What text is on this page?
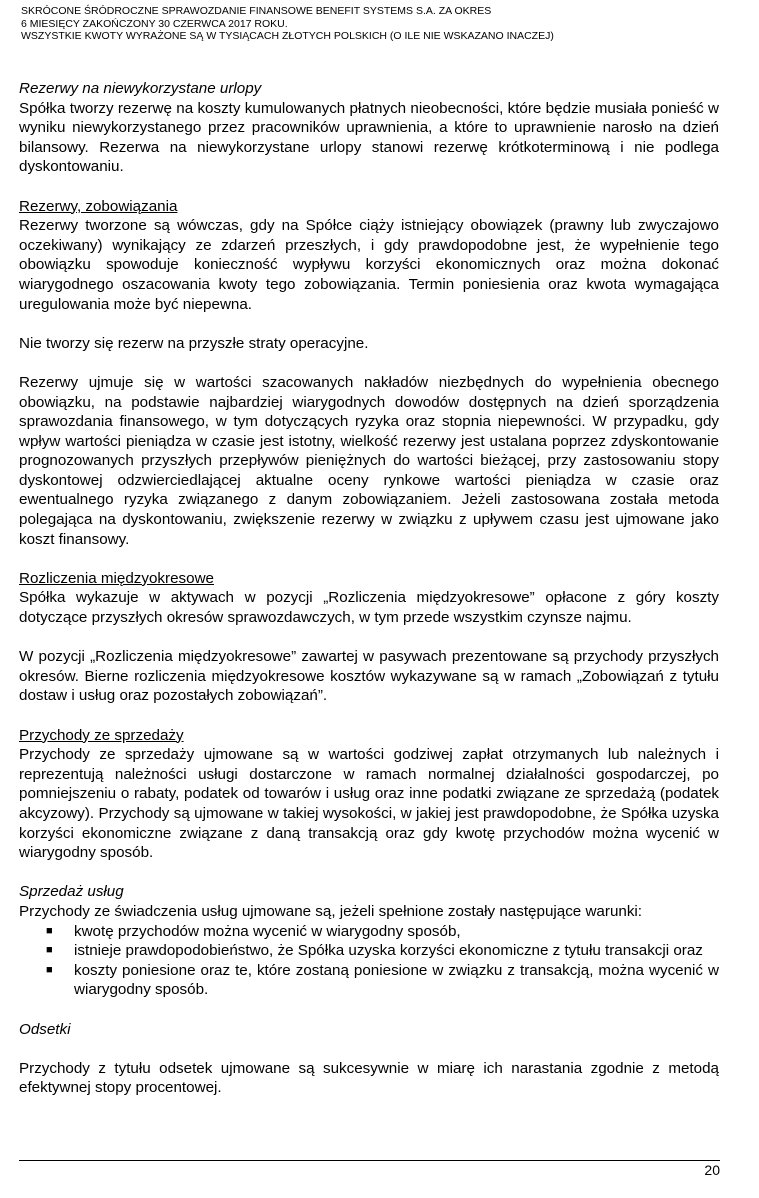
SKRÓCONE ŚRÓDROCZNE SPRAWOZDANIE FINANSOWE BENEFIT SYSTEMS S.A. ZA OKRES
6 MIESIĘCY ZAKOŃCZONY 30 CZERWCA 2017 ROKU.
WSZYSTKIE KWOTY WYRAŻONE SĄ W TYSIĄCACH ZŁOTYCH POLSKICH (O ILE NIE WSKAZANO INACZEJ)

Rezerwy na niewykorzystane urlopy

Spółka tworzy rezerwę na koszty kumulowanych płatnych nieobecności, które będzie musiała ponieść w wyniku niewykorzystanego przez pracowników uprawnienia, a które to uprawnienie narosło na dzień bilansowy. Rezerwa na niewykorzystane urlopy stanowi rezerwę krótkoterminową i nie podlega dyskontowaniu.

Rezerwy, zobowiązania

Rezerwy tworzone są wówczas, gdy na Spółce ciąży istniejący obowiązek (prawny lub zwyczajowo oczekiwany) wynikający ze zdarzeń przeszłych, i gdy prawdopodobne jest, że wypełnienie tego obowiązku spowoduje konieczność wypływu korzyści ekonomicznych oraz można dokonać wiarygodnego oszacowania kwoty tego zobowiązania. Termin poniesienia oraz kwota wymagająca uregulowania może być niepewna.

Nie tworzy się rezerw na przyszłe straty operacyjne.

Rezerwy ujmuje się w wartości szacowanych nakładów niezbędnych do wypełnienia obecnego obowiązku, na podstawie najbardziej wiarygodnych dowodów dostępnych na dzień sporządzenia sprawozdania finansowego, w tym dotyczących ryzyka oraz stopnia niepewności. W przypadku, gdy wpływ wartości pieniądza w czasie jest istotny, wielkość rezerwy jest ustalana poprzez zdyskontowanie prognozowanych przyszłych przepływów pieniężnych do wartości bieżącej, przy zastosowaniu stopy dyskontowej odzwierciedlającej aktualne oceny rynkowe wartości pieniądza w czasie oraz ewentualnego ryzyka związanego z danym zobowiązaniem. Jeżeli zastosowana została metoda polegająca na dyskontowaniu, zwiększenie rezerwy w związku z upływem czasu jest ujmowane jako koszt finansowy.

Rozliczenia międzyokresowe

Spółka wykazuje w aktywach w pozycji „Rozliczenia międzyokresowe” opłacone z góry koszty dotyczące przyszłych okresów sprawozdawczych, w tym przede wszystkim czynsze najmu.

W pozycji „Rozliczenia międzyokresowe” zawartej w pasywach prezentowane są przychody przyszłych okresów. Bierne rozliczenia międzyokresowe kosztów wykazywane są w ramach „Zobowiązań z tytułu dostaw i usług oraz pozostałych zobowiązań”.

Przychody ze sprzedaży

Przychody ze sprzedaży ujmowane są w wartości godziwej zapłat otrzymanych lub należnych i reprezentują należności usługi dostarczone w ramach normalnej działalności gospodarczej, po pomniejszeniu o rabaty, podatek od towarów i usług oraz inne podatki związane ze sprzedażą (podatek akcyzowy). Przychody są ujmowane w takiej wysokości, w jakiej jest prawdopodobne, że Spółka uzyska korzyści ekonomiczne związane z daną transakcją oraz gdy kwotę przychodów można wycenić w wiarygodny sposób.

Sprzedaż usług

Przychody ze świadczenia usług ujmowane są, jeżeli spełnione zostały następujące warunki:

■ kwotę przychodów można wycenić w wiarygodny sposób,
■ istnieje prawdopodobieństwo, że Spółka uzyska korzyści ekonomiczne z tytułu transakcji oraz
■ koszty poniesione oraz te, które zostaną poniesione w związku z transakcją, można wycenić w wiarygodny sposób.

Odsetki

Przychody z tytułu odsetek ujmowane są sukcesywnie w miarę ich narastania zgodnie z metodą efektywnej stopy procentowej.

20
